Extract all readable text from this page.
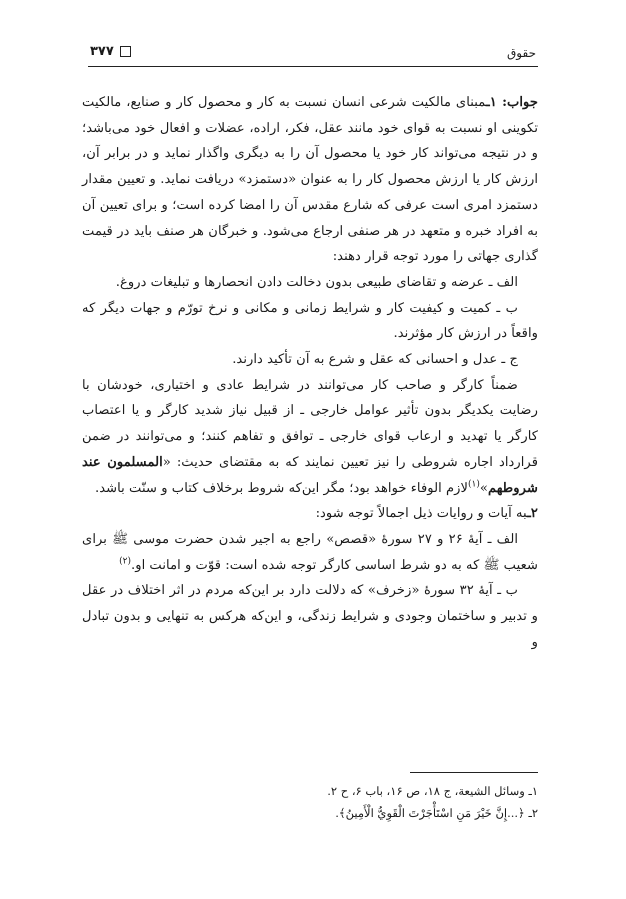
حقوق
۳۷۷

جواب: ۱ـمبنای مالکیت شرعی انسان نسبت به کار و محصول کار و صنایع، مالکیت تکوینی او نسبت به قوای خود مانند عقل، فکر، اراده، عضلات و افعال خود می‌باشد؛ و در نتیجه می‌تواند کار خود یا محصول آن را به دیگری واگذار نماید و در برابر آن، ارزش کار یا ارزش محصول کار را به عنوان «دستمزد» دریافت نماید. و تعیین مقدار دستمزد امری است عرفی که شارع مقدس آن را امضا کرده است؛ و برای تعیین آن به افراد خبره و متعهد در هر صنفی ارجاع می‌شود. و خبرگان هر صنف باید در قیمت گذاری جهاتی را مورد توجه قرار دهند:

الف ـ عرضه و تقاضای طبیعی بدون دخالت دادن انحصارها و تبلیغات دروغ.

ب ـ کمیت و کیفیت کار و شرایط زمانی و مکانی و نرخ تورّم و جهات دیگر که واقعاً در ارزش کار مؤثرند.

ج ـ عدل و احسانی که عقل و شرع به آن تأکید دارند.

ضمناً کارگر و صاحب کار می‌توانند در شرایط عادی و اختیاری، خودشان با رضایت یکدیگر بدون تأثیر عوامل خارجی ـ از قبیل نیاز شدید کارگر و یا اعتصاب کارگر یا تهدید و ارعاب قوای خارجی ـ توافق و تفاهم کنند؛ و می‌توانند در ضمن قرارداد اجاره شروطی را نیز تعیین نمایند که به مقتضای حدیث: «المسلمون عند شروطهم»$^{(۱)}$لازم الوفاء خواهد بود؛ مگر این‌که شروط برخلاف کتاب و سنّت باشد.

۲ـبه آیات و روایات ذیل اجمالاً توجه شود:

الف ـ آیهٔ ۲۶ و ۲۷ سورهٔ «قصص» راجع به اجیر شدن حضرت موسی ﷺ برای شعیب ﷺ که به دو شرط اساسی کارگر توجه شده است: قوّت و امانت او.$^{(۲)}$

ب ـ آیهٔ ۳۲ سورهٔ «زخرف» که دلالت دارد بر این‌که مردم در اثر اختلاف در عقل و تدبیر و ساختمان وجودی و شرایط زندگی، و این‌که هرکس به تنهایی و بدون تبادل و

۱ـ وسائل الشیعة، ج ۱۸، ص ۱۶، باب ۶، ح ۲.
۲ـ ﴿...إِنَّ خَيْرَ مَنِ اسْتَأْجَرْتَ الْقَوِيُّ الْأَمِينُ﴾.
